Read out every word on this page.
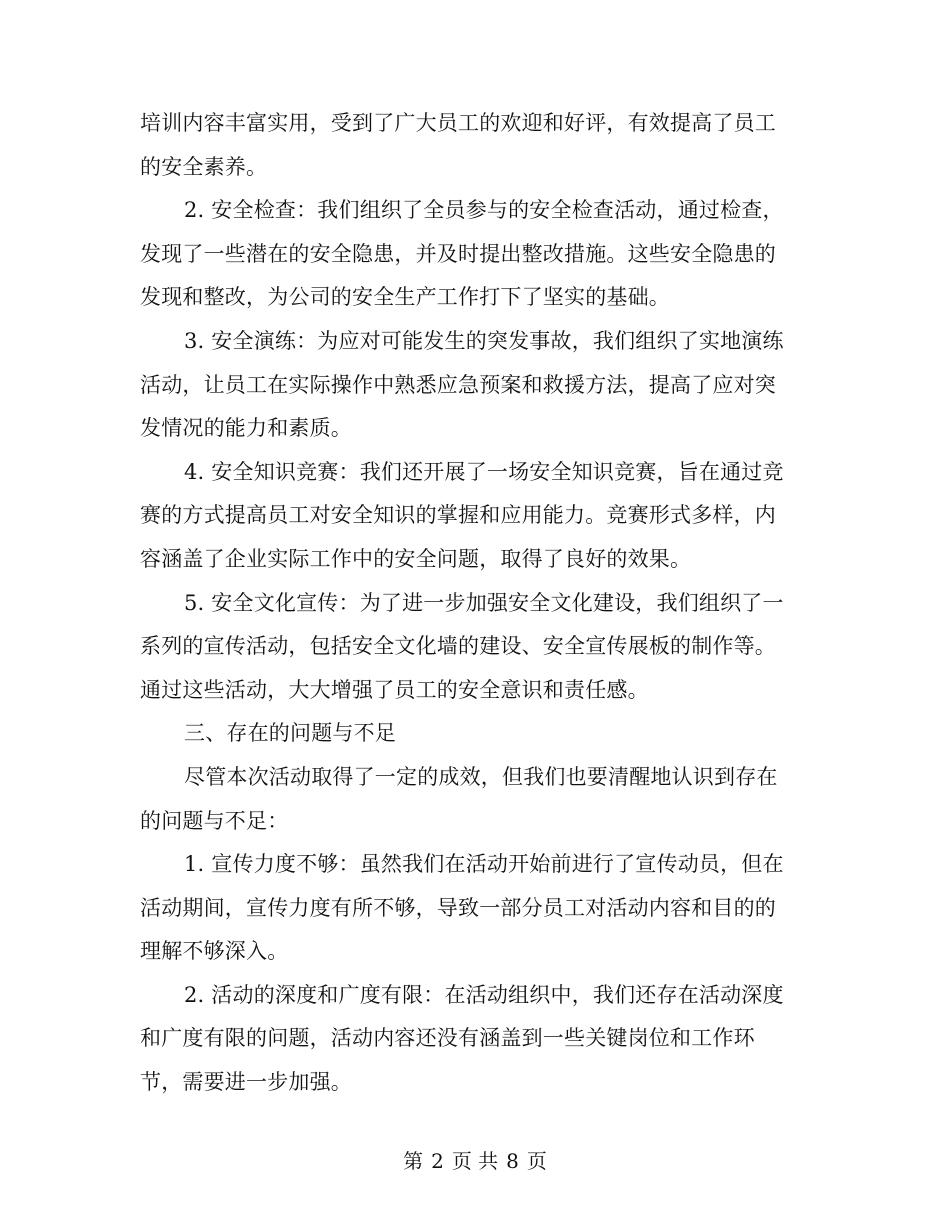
培训内容丰富实用，受到了广大员工的欢迎和好评，有效提高了员工
的安全素养。
2. 安全检查：我们组织了全员参与的安全检查活动，通过检查，
发现了一些潜在的安全隐患，并及时提出整改措施。这些安全隐患的
发现和整改，为公司的安全生产工作打下了坚实的基础。
3. 安全演练：为应对可能发生的突发事故，我们组织了实地演练
活动，让员工在实际操作中熟悉应急预案和救援方法，提高了应对突
发情况的能力和素质。
4. 安全知识竞赛：我们还开展了一场安全知识竞赛，旨在通过竞
赛的方式提高员工对安全知识的掌握和应用能力。竞赛形式多样，内
容涵盖了企业实际工作中的安全问题，取得了良好的效果。
5. 安全文化宣传：为了进一步加强安全文化建设，我们组织了一
系列的宣传活动，包括安全文化墙的建设、安全宣传展板的制作等。
通过这些活动，大大增强了员工的安全意识和责任感。
三、存在的问题与不足
尽管本次活动取得了一定的成效，但我们也要清醒地认识到存在
的问题与不足：
1. 宣传力度不够：虽然我们在活动开始前进行了宣传动员，但在
活动期间，宣传力度有所不够，导致一部分员工对活动内容和目的的
理解不够深入。
2. 活动的深度和广度有限：在活动组织中，我们还存在活动深度
和广度有限的问题，活动内容还没有涵盖到一些关键岗位和工作环
节，需要进一步加强。
第 2 页 共 8 页
